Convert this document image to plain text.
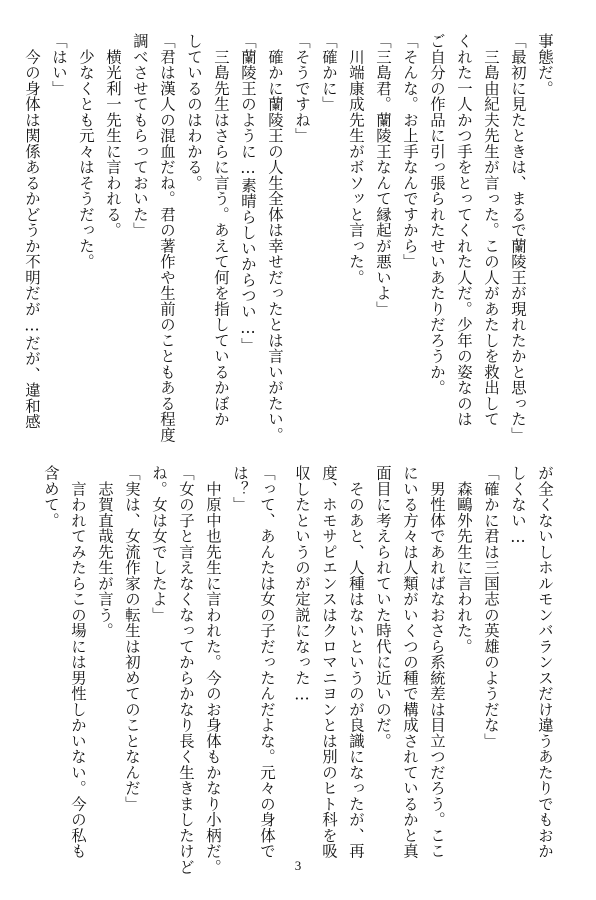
事態だ。
「最初に見たときは、まるで蘭陵王が現れたかと思った」
　三島由紀夫先生が言った。この人があたしを救出して
くれた一人かつ手をとってくれた人だ。少年の姿なのは
ご自分の作品に引っ張られたせいあたりだろうか。
「そんな。お上手なんですから」
「三島君。蘭陵王なんて縁起が悪いよ」
　川端康成先生がボソッと言った。
「確かに」
「そうですね」
　確かに蘭陵王の人生全体は幸せだったとは言いがたい。
「蘭陵王のように…素晴らしいからつい…」
　三島先生はさらに言う。あえて何を指しているかぼか
しているのはわかる。
「君は漢人の混血だね。君の著作や生前のこともある程度
調べさせてもらっておいた」
　横光利一先生に言われる。
　少なくとも元々はそうだった。
「はい」
　今の身体は関係あるかどうか不明だが…だが、違和感
が全くないしホルモンバランスだけ違うあたりでもおか
しくない…
「確かに君は三国志の英雄のようだな」
　森鷗外先生に言われた。
　男性体であればなおさら系統差は目立つだろう。ここ
にいる方々は人類がいくつの種で構成されているかと真
面目に考えられていた時代に近いのだ。
　そのあと、人種はないというのが良識になったが、再
度、ホモサピエンスはクロマニヨンとは別のヒト科を吸
収したというのが定説になった…
「って、あんたは女の子だったんだよな。元々の身体で
は？」
　中原中也先生に言われた。今のお身体もかなり小柄だ。
「女の子と言えなくなってからかなり長く生きましたけど
ね。女は女でしたよ」
「実は、女流作家の転生は初めてのことなんだ」
　志賀直哉先生が言う。
　言われてみたらこの場には男性しかいない。今の私も
含めて。
3
